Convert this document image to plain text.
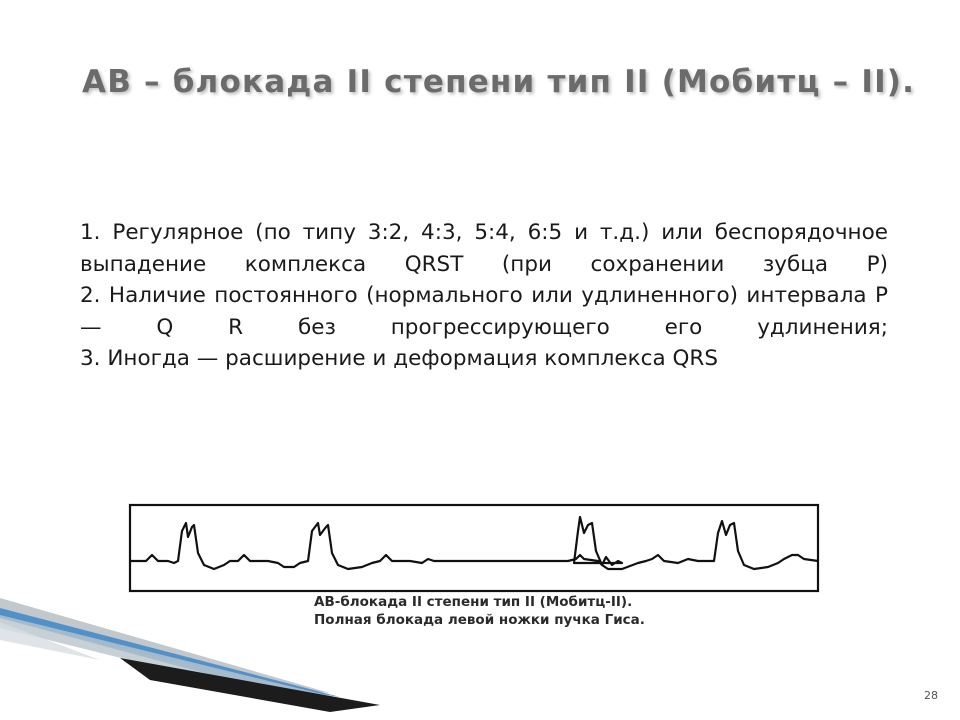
АВ – блокада II степени тип II (Мобитц – II).

1. Регулярное (по типу 3:2, 4:3, 5:4, 6:5 и т.д.) или беспорядочное выпадение комплекса QRST (при сохранении зубца P)

2. Наличие постоянного (нормального или удлиненного) интервала P — Q R без прогрессирующего его удлинения;

3. Иногда — расширение и деформация комплекса QRS

АВ-блокада II степени тип II (Мобитц-II).
Полная блокада левой ножки пучка Гиса.
28
